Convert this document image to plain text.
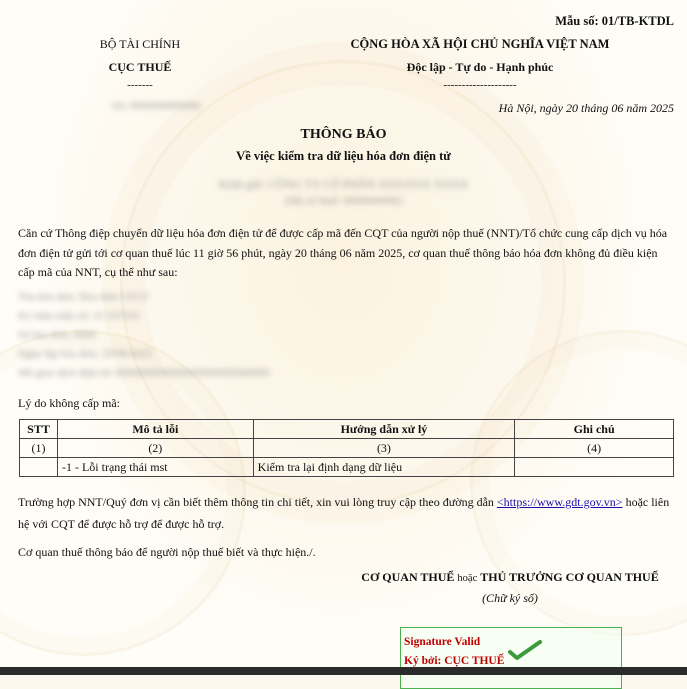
Mẫu số: 01/TB-KTDL
BỘ TÀI CHÍNH
CỤC THUẾ
-------
Số: 0000000000000
CỘNG HÒA XÃ HỘI CHỦ NGHĨA VIỆT NAM
Độc lập - Tự do - Hạnh phúc
--------------------
Hà Nội, ngày 20 tháng 06 năm 2025
THÔNG BÁO
Về việc kiểm tra dữ liệu hóa đơn điện tử
Kính gửi: CÔNG TY CỔ PHẦN XXXXXX XXXX
(Mã số thuế: 0000000000)
Căn cứ Thông điệp chuyển dữ liệu hóa đơn điện tử để được cấp mã đến CQT của người nộp thuế (NNT)/Tổ chức cung cấp dịch vụ hóa
đơn điện tử gửi tới cơ quan thuế lúc 11 giờ 56 phút, ngày 20 tháng 06 năm 2025, cơ quan thuế thông báo hóa đơn không đủ điều kiện
cấp mã của NNT, cụ thể như sau:
Tên hóa đơn: Hóa đơn GTGT
Ký hiệu mẫu số: 1C25TXX
Số hóa đơn: 0000
Ngày lập hóa đơn: 20/06/2025
Mã giao dịch điện tử: 0000000000000000000000000000
Lý do không cấp mã:
STT	Mô tả lỗi	Hướng dẫn xử lý	Ghi chú
(1)	(2)	(3)	(4)
	-1 - Lỗi trạng thái mst	Kiểm tra lại định dạng dữ liệu	
Trường hợp NNT/Quý đơn vị cần biết thêm thông tin chi tiết, xin vui lòng truy cập theo đường dẫn <https://www.gdt.gov.vn> hoặc liên
hệ với CQT để được hỗ trợ để được hỗ trợ.
Cơ quan thuế thông báo để người nộp thuế biết và thực hiện./.
CƠ QUAN THUẾ hoặc THỦ TRƯỞNG CƠ QUAN THUẾ
(Chữ ký số)
Signature Valid
Ký bởi: CỤC THUẾ
